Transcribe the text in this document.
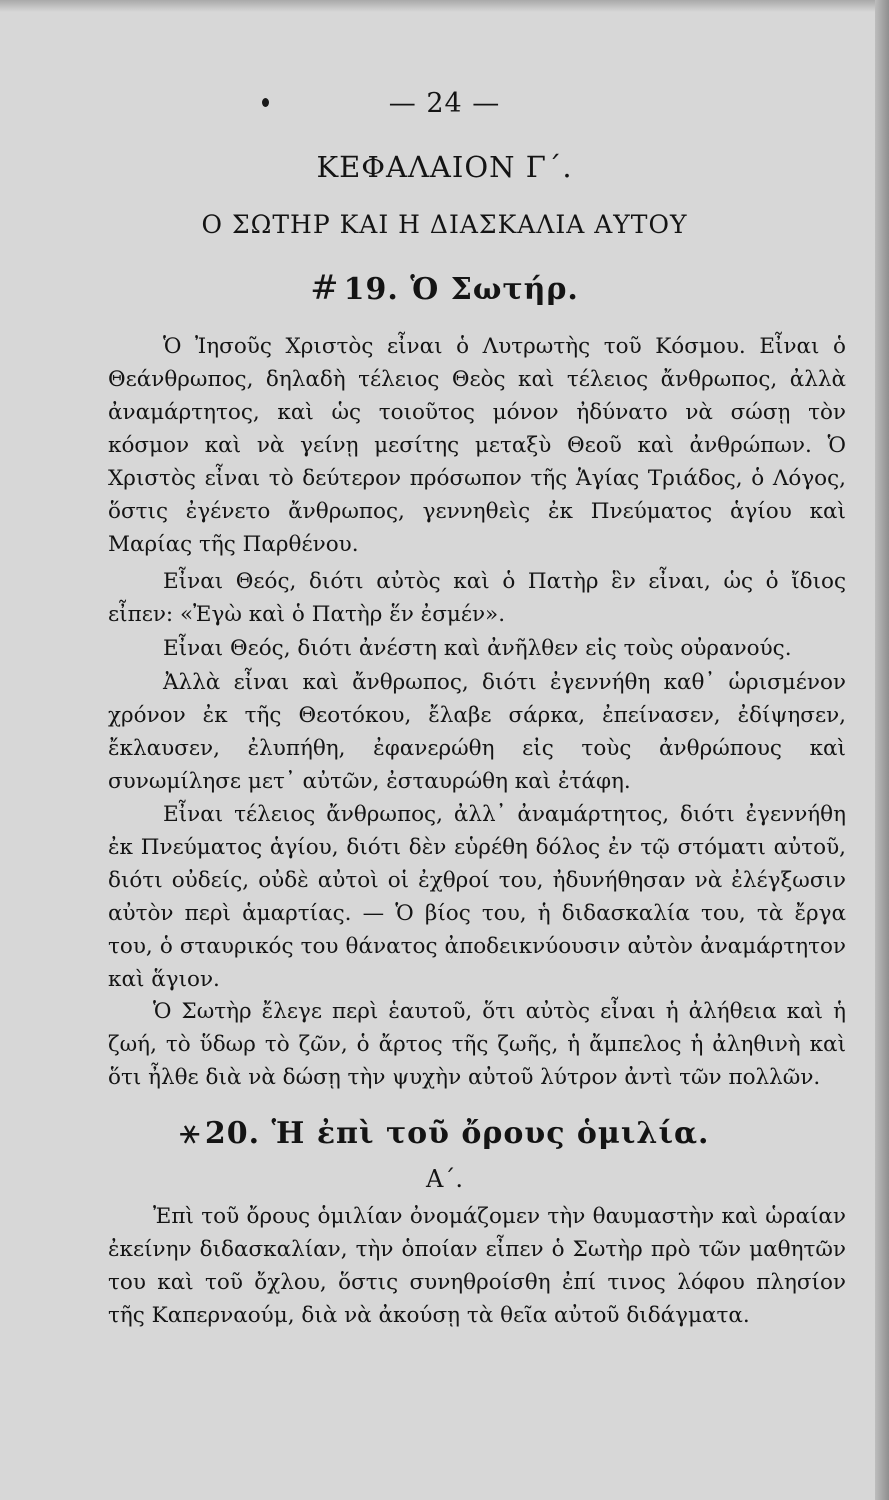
— 24 —
ΚΕΦΑΛΑΙΟΝ Γ΄.
Ο ΣΩΤΗΡ ΚΑΙ Η ΔΙΑΣΚΑΛΙΑ ΑΥΤΟΥ
# 19. Ὁ Σωτήρ.

Ὁ Ἰησοῦς Χριστὸς εἶναι ὁ Λυτρωτὴς τοῦ Κόσμου. Εἶναι ὁ Θεάνθρωπος, δηλαδὴ τέλειος Θεὸς καὶ τέλειος ἄνθρωπος, ἀλλὰ ἀναμάρτητος, καὶ ὡς τοιοῦτος μόνον ἠδύνατο νὰ σώσῃ τὸν κόσμον καὶ νὰ γείνῃ μεσίτης μεταξὺ Θεοῦ καὶ ἀνθρώπων. Ὁ Χριστὸς εἶναι τὸ δεύτερον πρόσωπον τῆς Ἁγίας Τριάδος, ὁ Λόγος, ὅστις ἐγένετο ἄνθρωπος, γεννηθεὶς ἐκ Πνεύματος ἁγίου καὶ Μαρίας τῆς Παρθένου.

Εἶναι Θεός, διότι αὐτὸς καὶ ὁ Πατὴρ ἓν εἶναι, ὡς ὁ ἴδιος εἶπεν: «Ἐγὼ καὶ ὁ Πατὴρ ἕν ἐσμέν».

Εἶναι Θεός, διότι ἀνέστη καὶ ἀνῆλθεν εἰς τοὺς οὐρανούς.

Ἀλλὰ εἶναι καὶ ἄνθρωπος, διότι ἐγεννήθη καθ᾽ ὡρισμένον χρόνον ἐκ τῆς Θεοτόκου, ἔλαβε σάρκα, ἐπείνασεν, ἐδίψησεν, ἔκλαυσεν, ἐλυπήθη, ἐφανερώθη εἰς τοὺς ἀνθρώπους καὶ συνωμίλησε μετ᾽ αὐτῶν, ἐσταυρώθη καὶ ἐτάφη.

Εἶναι τέλειος ἄνθρωπος, ἀλλ᾽ ἀναμάρτητος, διότι ἐγεννήθη ἐκ Πνεύματος ἁγίου, διότι δὲν εὑρέθη δόλος ἐν τῷ στόματι αὐτοῦ, διότι οὐδείς, οὐδὲ αὐτοὶ οἱ ἐχθροί του, ἠδυνήθησαν νὰ ἐλέγξωσιν αὐτὸν περὶ ἁμαρτίας. — Ὁ βίος του, ἡ διδασκαλία του, τὰ ἔργα του, ὁ σταυρικός του θάνατος ἀποδεικνύουσιν αὐτὸν ἀναμάρτητον καὶ ἅγιον.

Ὁ Σωτὴρ ἔλεγε περὶ ἑαυτοῦ, ὅτι αὐτὸς εἶναι ἡ ἀλήθεια καὶ ἡ ζωή, τὸ ὕδωρ τὸ ζῶν, ὁ ἄρτος τῆς ζωῆς, ἡ ἄμπελος ἡ ἀληθινὴ καὶ ὅτι ἦλθε διὰ νὰ δώσῃ τὴν ψυχὴν αὐτοῦ λύτρον ἀντὶ τῶν πολλῶν.

⚹ 20. Ἡ ἐπὶ τοῦ ὄρους ὁμιλία.
Α΄.

Ἐπὶ τοῦ ὄρους ὁμιλίαν ὀνομάζομεν τὴν θαυμαστὴν καὶ ὡραίαν ἐκείνην διδασκαλίαν, τὴν ὁποίαν εἶπεν ὁ Σωτὴρ πρὸ τῶν μαθητῶν του καὶ τοῦ ὄχλου, ὅστις συνηθροίσθη ἐπί τινος λόφου πλησίον τῆς Καπερναούμ, διὰ νὰ ἀκούσῃ τὰ θεῖα αὐτοῦ διδάγματα.
